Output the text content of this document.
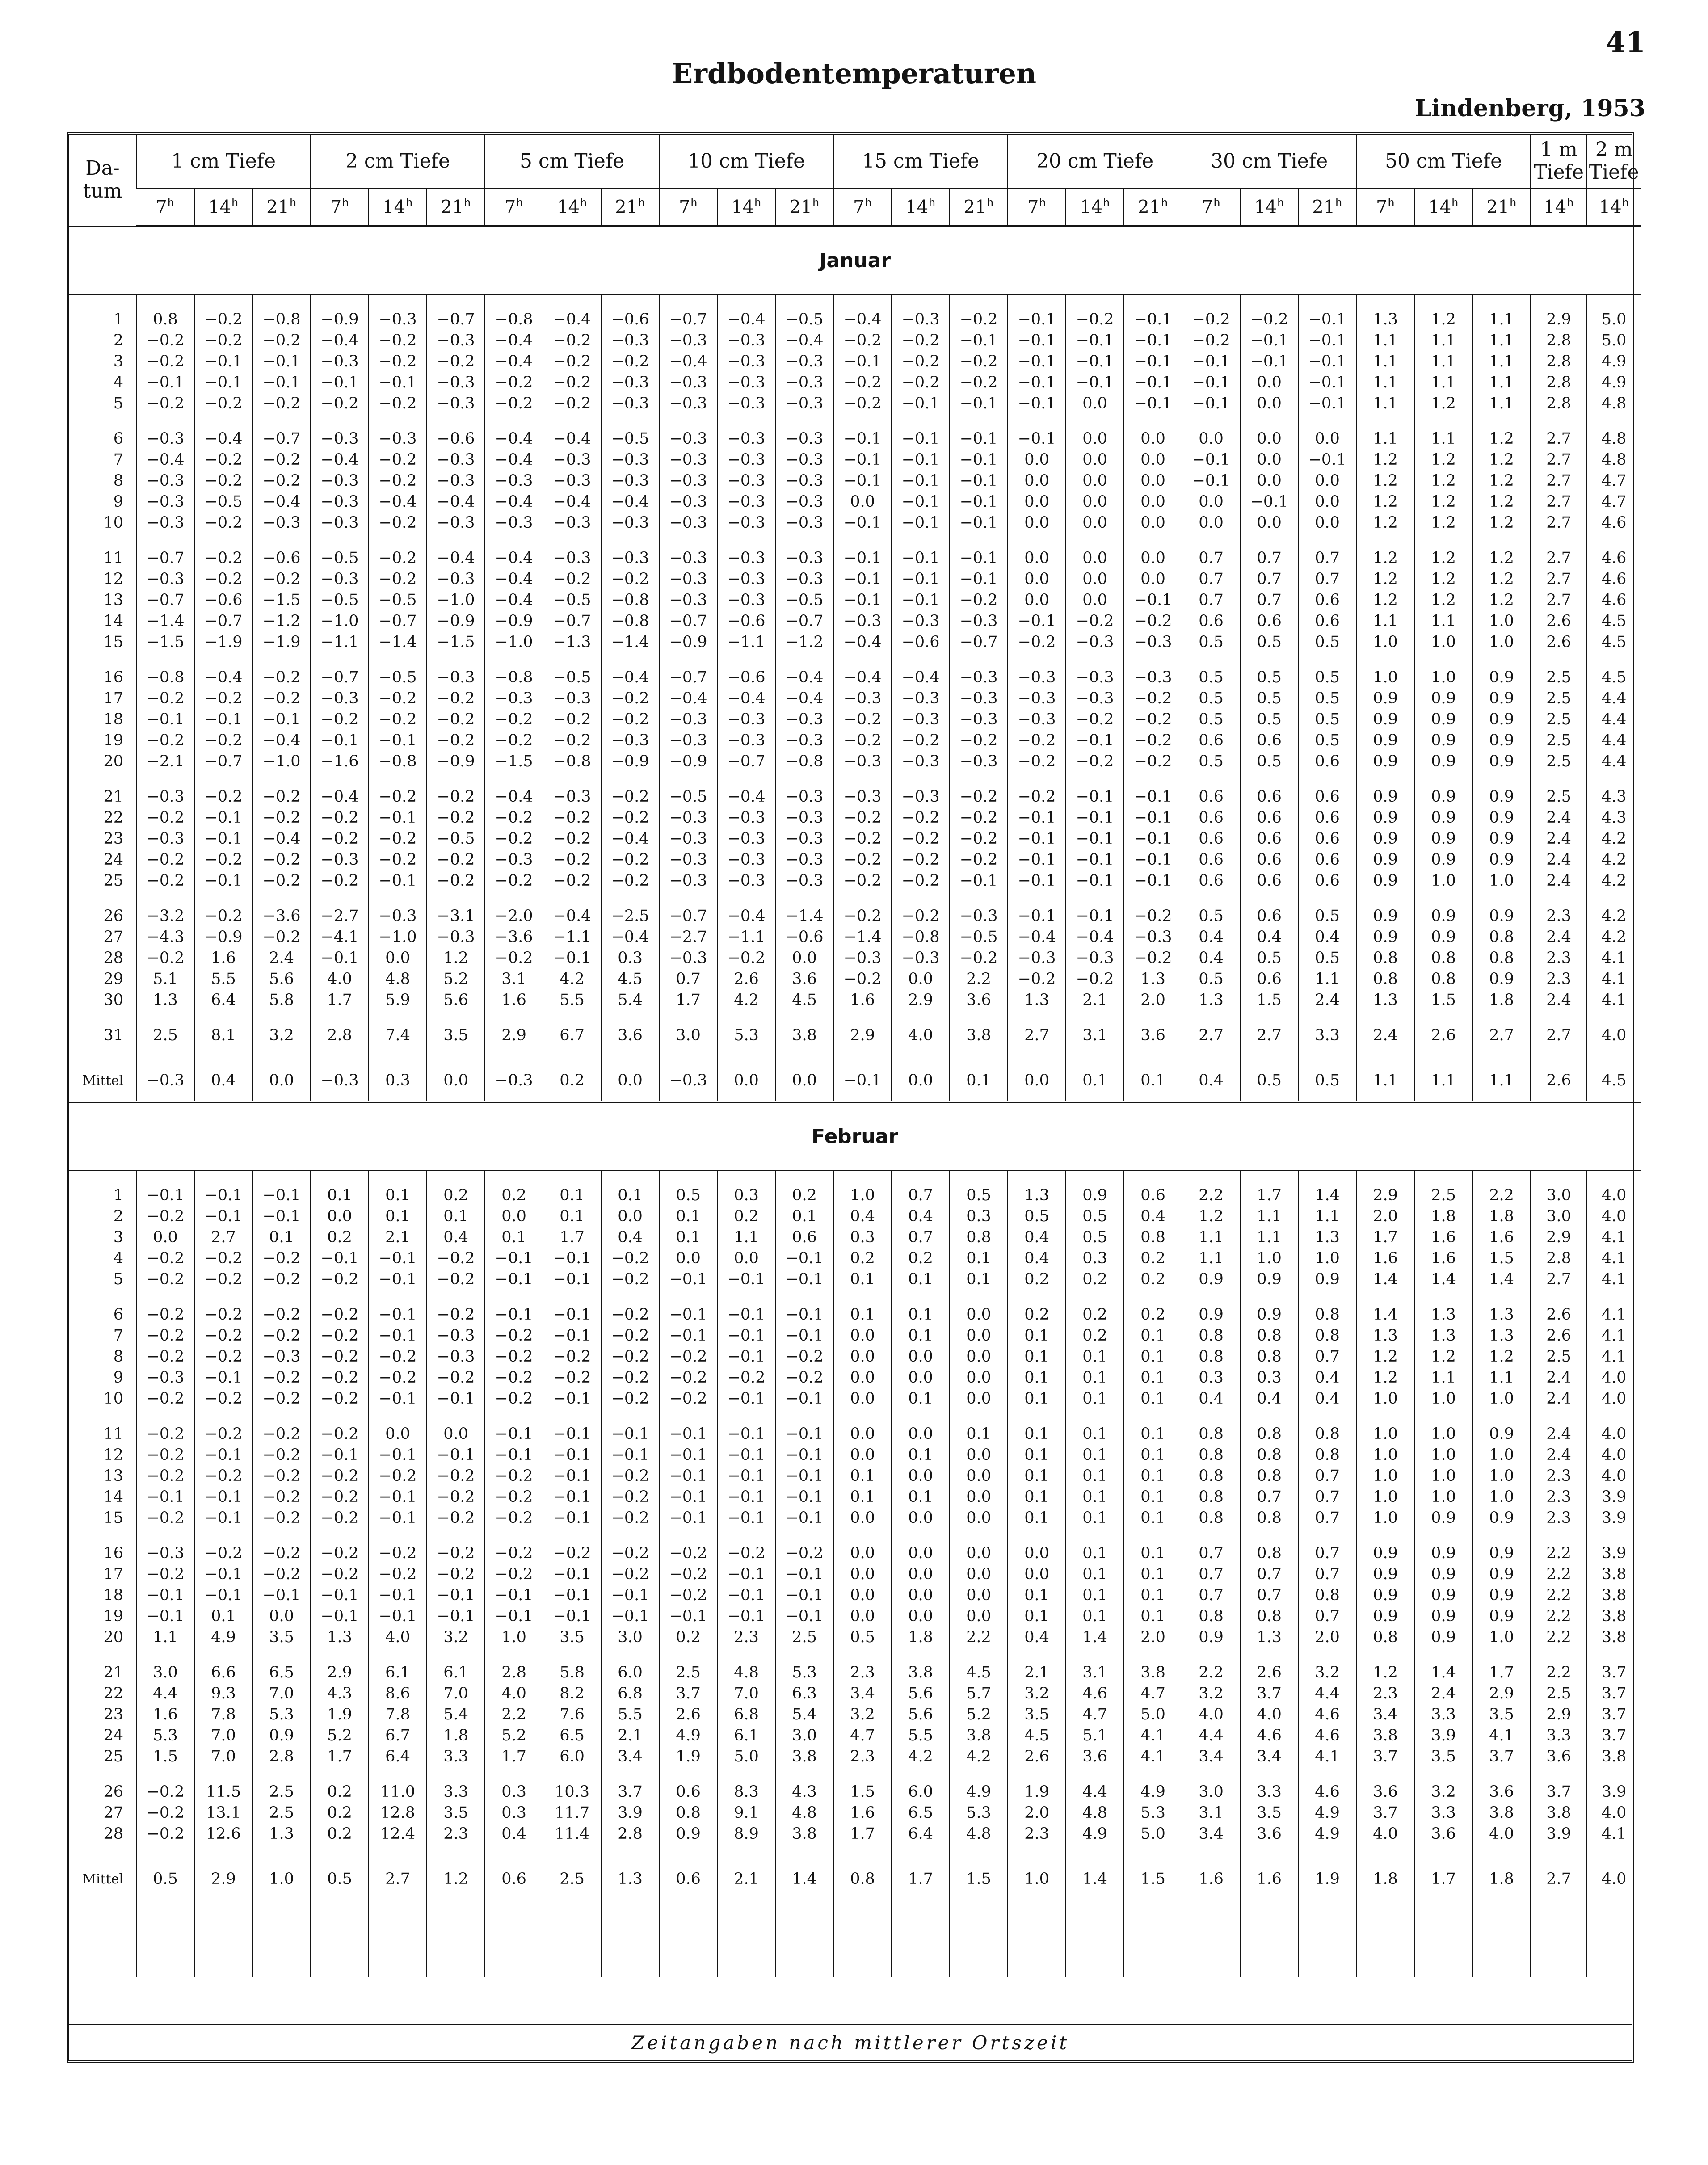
41
Erdbodentemperaturen
Lindenberg, 1953
Da-
tum	1 cm Tiefe			2 cm Tiefe			5 cm Tiefe			10 cm Tiefe			15 cm Tiefe			20 cm Tiefe			30 cm Tiefe			50 cm Tiefe			1 m
Tiefe	2 m
Tiefe
	7$^h$	14$^h$	21$^h$	7$^h$	14$^h$	21$^h$	7$^h$	14$^h$	21$^h$	7$^h$	14$^h$	21$^h$	7$^h$	14$^h$	21$^h$	7$^h$	14$^h$	21$^h$	7$^h$	14$^h$	21$^h$	7$^h$	14$^h$	21$^h$	14$^h$	14$^h$
Januar																										

1	0.8	−0.2	−0.8	−0.9	−0.3	−0.7	−0.8	−0.4	−0.6	−0.7	−0.4	−0.5	−0.4	−0.3	−0.2	−0.1	−0.2	−0.1	−0.2	−0.2	−0.1	1.3	1.2	1.1	2.9	5.0
2	−0.2	−0.2	−0.2	−0.4	−0.2	−0.3	−0.4	−0.2	−0.3	−0.3	−0.3	−0.4	−0.2	−0.2	−0.1	−0.1	−0.1	−0.1	−0.2	−0.1	−0.1	1.1	1.1	1.1	2.8	5.0
3	−0.2	−0.1	−0.1	−0.3	−0.2	−0.2	−0.4	−0.2	−0.2	−0.4	−0.3	−0.3	−0.1	−0.2	−0.2	−0.1	−0.1	−0.1	−0.1	−0.1	−0.1	1.1	1.1	1.1	2.8	4.9
4	−0.1	−0.1	−0.1	−0.1	−0.1	−0.3	−0.2	−0.2	−0.3	−0.3	−0.3	−0.3	−0.2	−0.2	−0.2	−0.1	−0.1	−0.1	−0.1	0.0	−0.1	1.1	1.1	1.1	2.8	4.9
5	−0.2	−0.2	−0.2	−0.2	−0.2	−0.3	−0.2	−0.2	−0.3	−0.3	−0.3	−0.3	−0.2	−0.1	−0.1	−0.1	0.0	−0.1	−0.1	0.0	−0.1	1.1	1.2	1.1	2.8	4.8

6	−0.3	−0.4	−0.7	−0.3	−0.3	−0.6	−0.4	−0.4	−0.5	−0.3	−0.3	−0.3	−0.1	−0.1	−0.1	−0.1	0.0	0.0	0.0	0.0	0.0	1.1	1.1	1.2	2.7	4.8
7	−0.4	−0.2	−0.2	−0.4	−0.2	−0.3	−0.4	−0.3	−0.3	−0.3	−0.3	−0.3	−0.1	−0.1	−0.1	0.0	0.0	0.0	−0.1	0.0	−0.1	1.2	1.2	1.2	2.7	4.8
8	−0.3	−0.2	−0.2	−0.3	−0.2	−0.3	−0.3	−0.3	−0.3	−0.3	−0.3	−0.3	−0.1	−0.1	−0.1	0.0	0.0	0.0	−0.1	0.0	0.0	1.2	1.2	1.2	2.7	4.7
9	−0.3	−0.5	−0.4	−0.3	−0.4	−0.4	−0.4	−0.4	−0.4	−0.3	−0.3	−0.3	0.0	−0.1	−0.1	0.0	0.0	0.0	0.0	−0.1	0.0	1.2	1.2	1.2	2.7	4.7
10	−0.3	−0.2	−0.3	−0.3	−0.2	−0.3	−0.3	−0.3	−0.3	−0.3	−0.3	−0.3	−0.1	−0.1	−0.1	0.0	0.0	0.0	0.0	0.0	0.0	1.2	1.2	1.2	2.7	4.6

11	−0.7	−0.2	−0.6	−0.5	−0.2	−0.4	−0.4	−0.3	−0.3	−0.3	−0.3	−0.3	−0.1	−0.1	−0.1	0.0	0.0	0.0	0.7	0.7	0.7	1.2	1.2	1.2	2.7	4.6
12	−0.3	−0.2	−0.2	−0.3	−0.2	−0.3	−0.4	−0.2	−0.2	−0.3	−0.3	−0.3	−0.1	−0.1	−0.1	0.0	0.0	0.0	0.7	0.7	0.7	1.2	1.2	1.2	2.7	4.6
13	−0.7	−0.6	−1.5	−0.5	−0.5	−1.0	−0.4	−0.5	−0.8	−0.3	−0.3	−0.5	−0.1	−0.1	−0.2	0.0	0.0	−0.1	0.7	0.7	0.6	1.2	1.2	1.2	2.7	4.6
14	−1.4	−0.7	−1.2	−1.0	−0.7	−0.9	−0.9	−0.7	−0.8	−0.7	−0.6	−0.7	−0.3	−0.3	−0.3	−0.1	−0.2	−0.2	0.6	0.6	0.6	1.1	1.1	1.0	2.6	4.5
15	−1.5	−1.9	−1.9	−1.1	−1.4	−1.5	−1.0	−1.3	−1.4	−0.9	−1.1	−1.2	−0.4	−0.6	−0.7	−0.2	−0.3	−0.3	0.5	0.5	0.5	1.0	1.0	1.0	2.6	4.5

16	−0.8	−0.4	−0.2	−0.7	−0.5	−0.3	−0.8	−0.5	−0.4	−0.7	−0.6	−0.4	−0.4	−0.4	−0.3	−0.3	−0.3	−0.3	0.5	0.5	0.5	1.0	1.0	0.9	2.5	4.5
17	−0.2	−0.2	−0.2	−0.3	−0.2	−0.2	−0.3	−0.3	−0.2	−0.4	−0.4	−0.4	−0.3	−0.3	−0.3	−0.3	−0.3	−0.2	0.5	0.5	0.5	0.9	0.9	0.9	2.5	4.4
18	−0.1	−0.1	−0.1	−0.2	−0.2	−0.2	−0.2	−0.2	−0.2	−0.3	−0.3	−0.3	−0.2	−0.3	−0.3	−0.3	−0.2	−0.2	0.5	0.5	0.5	0.9	0.9	0.9	2.5	4.4
19	−0.2	−0.2	−0.4	−0.1	−0.1	−0.2	−0.2	−0.2	−0.3	−0.3	−0.3	−0.3	−0.2	−0.2	−0.2	−0.2	−0.1	−0.2	0.6	0.6	0.5	0.9	0.9	0.9	2.5	4.4
20	−2.1	−0.7	−1.0	−1.6	−0.8	−0.9	−1.5	−0.8	−0.9	−0.9	−0.7	−0.8	−0.3	−0.3	−0.3	−0.2	−0.2	−0.2	0.5	0.5	0.6	0.9	0.9	0.9	2.5	4.4

21	−0.3	−0.2	−0.2	−0.4	−0.2	−0.2	−0.4	−0.3	−0.2	−0.5	−0.4	−0.3	−0.3	−0.3	−0.2	−0.2	−0.1	−0.1	0.6	0.6	0.6	0.9	0.9	0.9	2.5	4.3
22	−0.2	−0.1	−0.2	−0.2	−0.1	−0.2	−0.2	−0.2	−0.2	−0.3	−0.3	−0.3	−0.2	−0.2	−0.2	−0.1	−0.1	−0.1	0.6	0.6	0.6	0.9	0.9	0.9	2.4	4.3
23	−0.3	−0.1	−0.4	−0.2	−0.2	−0.5	−0.2	−0.2	−0.4	−0.3	−0.3	−0.3	−0.2	−0.2	−0.2	−0.1	−0.1	−0.1	0.6	0.6	0.6	0.9	0.9	0.9	2.4	4.2
24	−0.2	−0.2	−0.2	−0.3	−0.2	−0.2	−0.3	−0.2	−0.2	−0.3	−0.3	−0.3	−0.2	−0.2	−0.2	−0.1	−0.1	−0.1	0.6	0.6	0.6	0.9	0.9	0.9	2.4	4.2
25	−0.2	−0.1	−0.2	−0.2	−0.1	−0.2	−0.2	−0.2	−0.2	−0.3	−0.3	−0.3	−0.2	−0.2	−0.1	−0.1	−0.1	−0.1	0.6	0.6	0.6	0.9	1.0	1.0	2.4	4.2

26	−3.2	−0.2	−3.6	−2.7	−0.3	−3.1	−2.0	−0.4	−2.5	−0.7	−0.4	−1.4	−0.2	−0.2	−0.3	−0.1	−0.1	−0.2	0.5	0.6	0.5	0.9	0.9	0.9	2.3	4.2
27	−4.3	−0.9	−0.2	−4.1	−1.0	−0.3	−3.6	−1.1	−0.4	−2.7	−1.1	−0.6	−1.4	−0.8	−0.5	−0.4	−0.4	−0.3	0.4	0.4	0.4	0.9	0.9	0.8	2.4	4.2
28	−0.2	1.6	2.4	−0.1	0.0	1.2	−0.2	−0.1	0.3	−0.3	−0.2	0.0	−0.3	−0.3	−0.2	−0.3	−0.3	−0.2	0.4	0.5	0.5	0.8	0.8	0.8	2.3	4.1
29	5.1	5.5	5.6	4.0	4.8	5.2	3.1	4.2	4.5	0.7	2.6	3.6	−0.2	0.0	2.2	−0.2	−0.2	1.3	0.5	0.6	1.1	0.8	0.8	0.9	2.3	4.1
30	1.3	6.4	5.8	1.7	5.9	5.6	1.6	5.5	5.4	1.7	4.2	4.5	1.6	2.9	3.6	1.3	2.1	2.0	1.3	1.5	2.4	1.3	1.5	1.8	2.4	4.1

31	2.5	8.1	3.2	2.8	7.4	3.5	2.9	6.7	3.6	3.0	5.3	3.8	2.9	4.0	3.8	2.7	3.1	3.6	2.7	2.7	3.3	2.4	2.6	2.7	2.7	4.0

Mittel	−0.3	0.4	0.0	−0.3	0.3	0.0	−0.3	0.2	0.0	−0.3	0.0	0.0	−0.1	0.0	0.1	0.0	0.1	0.1	0.4	0.5	0.5	1.1	1.1	1.1	2.6	4.5
Februar																										

1	−0.1	−0.1	−0.1	0.1	0.1	0.2	0.2	0.1	0.1	0.5	0.3	0.2	1.0	0.7	0.5	1.3	0.9	0.6	2.2	1.7	1.4	2.9	2.5	2.2	3.0	4.0
2	−0.2	−0.1	−0.1	0.0	0.1	0.1	0.0	0.1	0.0	0.1	0.2	0.1	0.4	0.4	0.3	0.5	0.5	0.4	1.2	1.1	1.1	2.0	1.8	1.8	3.0	4.0
3	0.0	2.7	0.1	0.2	2.1	0.4	0.1	1.7	0.4	0.1	1.1	0.6	0.3	0.7	0.8	0.4	0.5	0.8	1.1	1.1	1.3	1.7	1.6	1.6	2.9	4.1
4	−0.2	−0.2	−0.2	−0.1	−0.1	−0.2	−0.1	−0.1	−0.2	0.0	0.0	−0.1	0.2	0.2	0.1	0.4	0.3	0.2	1.1	1.0	1.0	1.6	1.6	1.5	2.8	4.1
5	−0.2	−0.2	−0.2	−0.2	−0.1	−0.2	−0.1	−0.1	−0.2	−0.1	−0.1	−0.1	0.1	0.1	0.1	0.2	0.2	0.2	0.9	0.9	0.9	1.4	1.4	1.4	2.7	4.1

6	−0.2	−0.2	−0.2	−0.2	−0.1	−0.2	−0.1	−0.1	−0.2	−0.1	−0.1	−0.1	0.1	0.1	0.0	0.2	0.2	0.2	0.9	0.9	0.8	1.4	1.3	1.3	2.6	4.1
7	−0.2	−0.2	−0.2	−0.2	−0.1	−0.3	−0.2	−0.1	−0.2	−0.1	−0.1	−0.1	0.0	0.1	0.0	0.1	0.2	0.1	0.8	0.8	0.8	1.3	1.3	1.3	2.6	4.1
8	−0.2	−0.2	−0.3	−0.2	−0.2	−0.3	−0.2	−0.2	−0.2	−0.2	−0.1	−0.2	0.0	0.0	0.0	0.1	0.1	0.1	0.8	0.8	0.7	1.2	1.2	1.2	2.5	4.1
9	−0.3	−0.1	−0.2	−0.2	−0.2	−0.2	−0.2	−0.2	−0.2	−0.2	−0.2	−0.2	0.0	0.0	0.0	0.1	0.1	0.1	0.3	0.3	0.4	1.2	1.1	1.1	2.4	4.0
10	−0.2	−0.2	−0.2	−0.2	−0.1	−0.1	−0.2	−0.1	−0.2	−0.2	−0.1	−0.1	0.0	0.1	0.0	0.1	0.1	0.1	0.4	0.4	0.4	1.0	1.0	1.0	2.4	4.0

11	−0.2	−0.2	−0.2	−0.2	0.0	0.0	−0.1	−0.1	−0.1	−0.1	−0.1	−0.1	0.0	0.0	0.1	0.1	0.1	0.1	0.8	0.8	0.8	1.0	1.0	0.9	2.4	4.0
12	−0.2	−0.1	−0.2	−0.1	−0.1	−0.1	−0.1	−0.1	−0.1	−0.1	−0.1	−0.1	0.0	0.1	0.0	0.1	0.1	0.1	0.8	0.8	0.8	1.0	1.0	1.0	2.4	4.0
13	−0.2	−0.2	−0.2	−0.2	−0.2	−0.2	−0.2	−0.1	−0.2	−0.1	−0.1	−0.1	0.1	0.0	0.0	0.1	0.1	0.1	0.8	0.8	0.7	1.0	1.0	1.0	2.3	4.0
14	−0.1	−0.1	−0.2	−0.2	−0.1	−0.2	−0.2	−0.1	−0.2	−0.1	−0.1	−0.1	0.1	0.1	0.0	0.1	0.1	0.1	0.8	0.7	0.7	1.0	1.0	1.0	2.3	3.9
15	−0.2	−0.1	−0.2	−0.2	−0.1	−0.2	−0.2	−0.1	−0.2	−0.1	−0.1	−0.1	0.0	0.0	0.0	0.1	0.1	0.1	0.8	0.8	0.7	1.0	0.9	0.9	2.3	3.9

16	−0.3	−0.2	−0.2	−0.2	−0.2	−0.2	−0.2	−0.2	−0.2	−0.2	−0.2	−0.2	0.0	0.0	0.0	0.0	0.1	0.1	0.7	0.8	0.7	0.9	0.9	0.9	2.2	3.9
17	−0.2	−0.1	−0.2	−0.2	−0.2	−0.2	−0.2	−0.1	−0.2	−0.2	−0.1	−0.1	0.0	0.0	0.0	0.0	0.1	0.1	0.7	0.7	0.7	0.9	0.9	0.9	2.2	3.8
18	−0.1	−0.1	−0.1	−0.1	−0.1	−0.1	−0.1	−0.1	−0.1	−0.2	−0.1	−0.1	0.0	0.0	0.0	0.1	0.1	0.1	0.7	0.7	0.8	0.9	0.9	0.9	2.2	3.8
19	−0.1	0.1	0.0	−0.1	−0.1	−0.1	−0.1	−0.1	−0.1	−0.1	−0.1	−0.1	0.0	0.0	0.0	0.1	0.1	0.1	0.8	0.8	0.7	0.9	0.9	0.9	2.2	3.8
20	1.1	4.9	3.5	1.3	4.0	3.2	1.0	3.5	3.0	0.2	2.3	2.5	0.5	1.8	2.2	0.4	1.4	2.0	0.9	1.3	2.0	0.8	0.9	1.0	2.2	3.8

21	3.0	6.6	6.5	2.9	6.1	6.1	2.8	5.8	6.0	2.5	4.8	5.3	2.3	3.8	4.5	2.1	3.1	3.8	2.2	2.6	3.2	1.2	1.4	1.7	2.2	3.7
22	4.4	9.3	7.0	4.3	8.6	7.0	4.0	8.2	6.8	3.7	7.0	6.3	3.4	5.6	5.7	3.2	4.6	4.7	3.2	3.7	4.4	2.3	2.4	2.9	2.5	3.7
23	1.6	7.8	5.3	1.9	7.8	5.4	2.2	7.6	5.5	2.6	6.8	5.4	3.2	5.6	5.2	3.5	4.7	5.0	4.0	4.0	4.6	3.4	3.3	3.5	2.9	3.7
24	5.3	7.0	0.9	5.2	6.7	1.8	5.2	6.5	2.1	4.9	6.1	3.0	4.7	5.5	3.8	4.5	5.1	4.1	4.4	4.6	4.6	3.8	3.9	4.1	3.3	3.7
25	1.5	7.0	2.8	1.7	6.4	3.3	1.7	6.0	3.4	1.9	5.0	3.8	2.3	4.2	4.2	2.6	3.6	4.1	3.4	3.4	4.1	3.7	3.5	3.7	3.6	3.8

26	−0.2	11.5	2.5	0.2	11.0	3.3	0.3	10.3	3.7	0.6	8.3	4.3	1.5	6.0	4.9	1.9	4.4	4.9	3.0	3.3	4.6	3.6	3.2	3.6	3.7	3.9
27	−0.2	13.1	2.5	0.2	12.8	3.5	0.3	11.7	3.9	0.8	9.1	4.8	1.6	6.5	5.3	2.0	4.8	5.3	3.1	3.5	4.9	3.7	3.3	3.8	3.8	4.0
28	−0.2	12.6	1.3	0.2	12.4	2.3	0.4	11.4	2.8	0.9	8.9	3.8	1.7	6.4	4.8	2.3	4.9	5.0	3.4	3.6	4.9	4.0	3.6	4.0	3.9	4.1

Mittel	0.5	2.9	1.0	0.5	2.7	1.2	0.6	2.5	1.3	0.6	2.1	1.4	0.8	1.7	1.5	1.0	1.4	1.5	1.6	1.6	1.9	1.8	1.7	1.8	2.7	4.0

Zeitangaben nach mittlerer Ortszeit
